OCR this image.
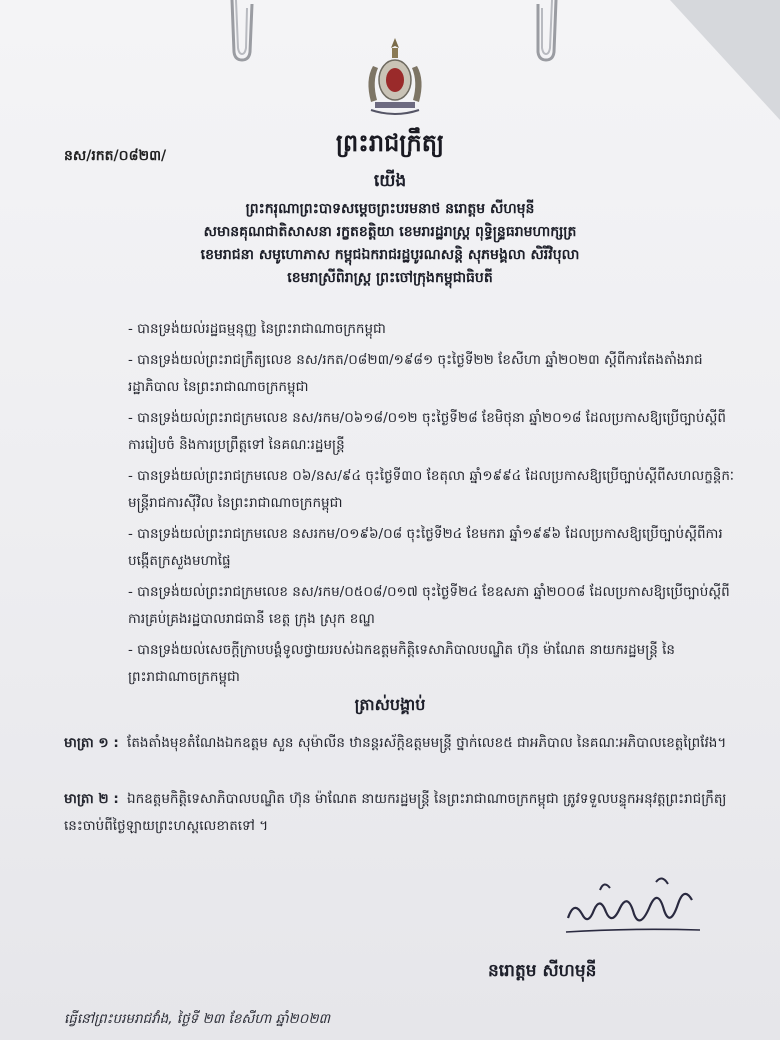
នស/រកត/០៨២៣/	ព្រះរាជក្រឹត្យ
យើង
ព្រះករុណាព្រះបាទសម្តេចព្រះបរមនាថ នរោត្តម សីហមុនី
សមានគុណជាតិសាសនា រក្ខតខត្តិយា ខេមរារដ្ឋរាស្ត្រ ពុទ្ធិន្ទ្រធរាមហាក្សត្រ
ខេមរាជនា សមូហោភាស កម្ពុជឯករាជរដ្ឋបូរណសន្តិ សុភមង្គលា សិរីវិបុលា
ខេមរាស្រីពិរាស្ត្រ ព្រះចៅក្រុងកម្ពុជាធិបតី
- បានទ្រង់យល់រដ្ឋធម្មនុញ្ញ នៃព្រះរាជាណាចក្រកម្ពុជា
- បានទ្រង់យល់ព្រះរាជក្រឹត្យលេខ នស/រកត/០៨២៣/១៩៨១ ចុះថ្ងៃទី២២ ខែសីហា ឆ្នាំ២០២៣ ស្តីពីការតែងតាំងរាជរដ្ឋាភិបាល នៃព្រះរាជាណាចក្រកម្ពុជា
- បានទ្រង់យល់ព្រះរាជក្រមលេខ នស/រកម/០៦១៨/០១២ ចុះថ្ងៃទី២៨ ខែមិថុនា ឆ្នាំ២០១៨ ដែលប្រកាសឱ្យប្រើច្បាប់ស្តីពីការរៀបចំ និងការប្រព្រឹត្តទៅ នៃគណៈរដ្ឋមន្ត្រី
- បានទ្រង់យល់ព្រះរាជក្រមលេខ ០៦/នស/៩៤ ចុះថ្ងៃទី៣០ ខែតុលា ឆ្នាំ១៩៩៤ ដែលប្រកាសឱ្យប្រើច្បាប់ស្តីពីសហលក្ខន្តិកៈមន្ត្រីរាជការស៊ីវិល នៃព្រះរាជាណាចក្រកម្ពុជា
- បានទ្រង់យល់ព្រះរាជក្រមលេខ នសរកម/០១៩៦/០៨ ចុះថ្ងៃទី២៤ ខែមករា ឆ្នាំ១៩៩៦ ដែលប្រកាសឱ្យប្រើច្បាប់ស្តីពីការបង្កើតក្រសួងមហាផ្ទៃ
- បានទ្រង់យល់ព្រះរាជក្រមលេខ នស/រកម/០៥០៨/០១៧ ចុះថ្ងៃទី២៤ ខែឧសភា ឆ្នាំ២០០៨ ដែលប្រកាសឱ្យប្រើច្បាប់ស្តីពីការគ្រប់គ្រងរដ្ឋបាលរាជធានី ខេត្ត ក្រុង ស្រុក ខណ្ឌ
- បានទ្រង់យល់សេចក្តីក្រាបបង្គំទូលថ្វាយរបស់ឯកឧត្តមកិត្តិទេសាភិបាលបណ្ឌិត ហ៊ុន ម៉ាណែត នាយករដ្ឋមន្ត្រី នៃព្រះរាជាណាចក្រកម្ពុជា
ត្រាស់បង្គាប់
មាត្រា ១ : តែងតាំងមុខតំណែងឯកឧត្តម សួន សុម៉ាលីន ឋានន្តរស័ក្តិឧត្តមមន្ត្រី ថ្នាក់លេខ៥ ជាអភិបាល នៃគណៈអភិបាលខេត្តព្រៃវែង។
មាត្រា ២ : ឯកឧត្តមកិត្តិទេសាភិបាលបណ្ឌិត ហ៊ុន ម៉ាណែត នាយករដ្ឋមន្ត្រី នៃព្រះរាជាណាចក្រកម្ពុជា ត្រូវទទួលបន្ទុកអនុវត្តព្រះរាជក្រឹត្យនេះចាប់ពីថ្ងៃឡាយព្រះហស្តលេខាតទៅ ។
នរោត្តម សីហមុនី
ធ្វើនៅព្រះបរមរាជវាំង, ថ្ងៃទី ២៣ ខែសីហា ឆ្នាំ២០២៣
